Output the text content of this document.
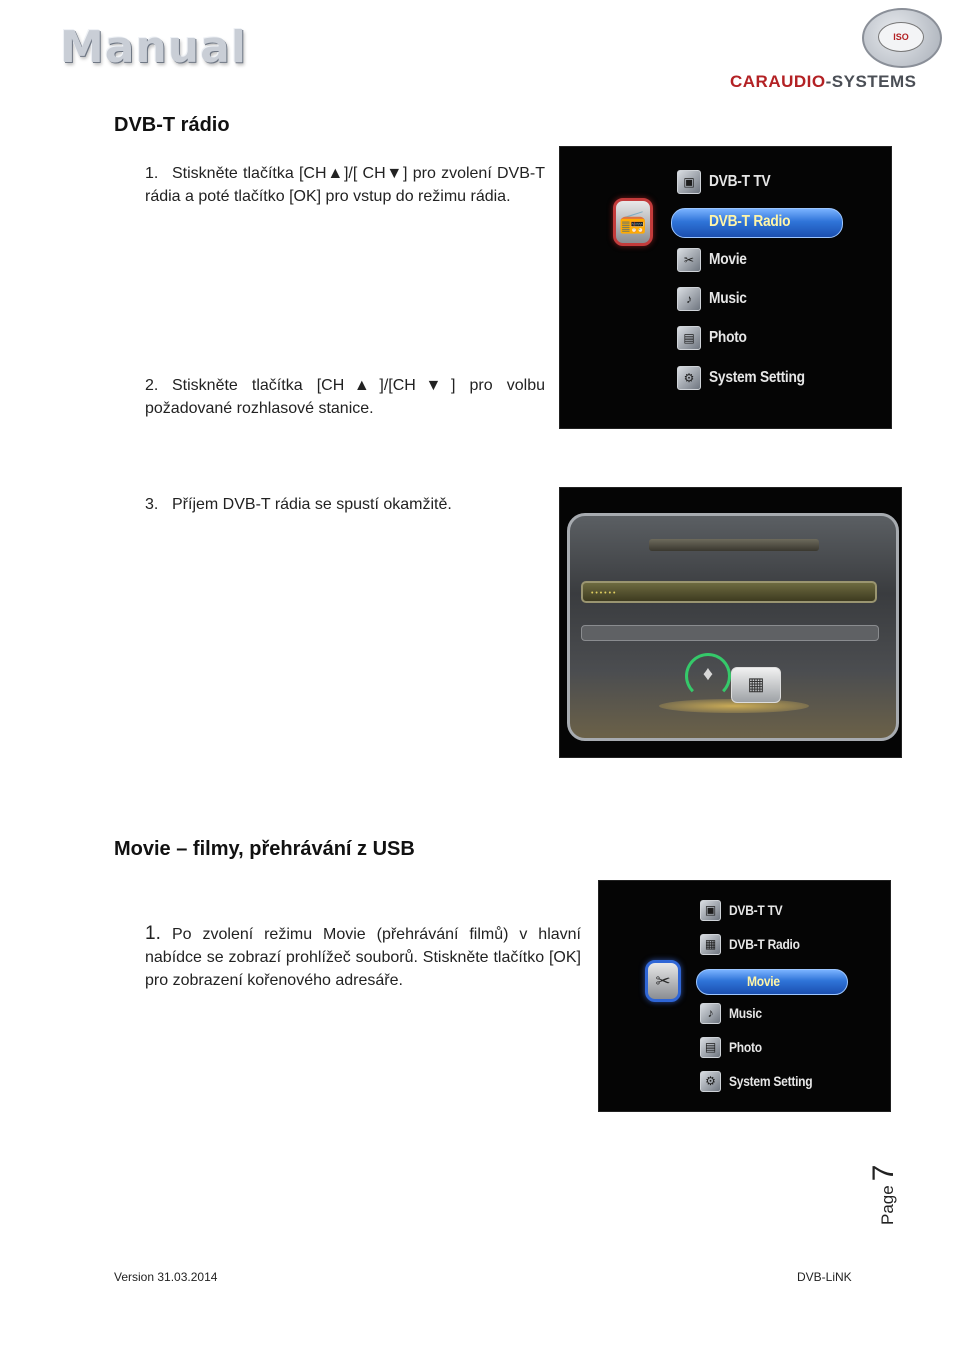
Manual	ISO
CARAUDIO-SYSTEMS
DVB-T rádio
1. Stiskněte tlačítka [CH▲]/[ CH▼] pro zvolení DVB-T rádia a poté tlačítko [OK] pro vstup do režimu rádia.
2. Stiskněte tlačítka [CH▲]/[CH▼] pro volbu požadované rozhlasové stanice.
3. Příjem DVB-T rádia se spustí okamžitě.
📻
▣ DVB-T TV
DVB-T Radio
✂ Movie
♪	Music
▤ Photo
⚙ System Setting
• • • • • •
♦	▦
Movie – filmy, přehrávání z USB
1. Po zvolení režimu Movie (přehrávání filmů) v hlavní nabídce se zobrazí prohlížeč souborů. Stiskněte tlačítko [OK] pro zobrazení kořenového adresáře.	✂
▣ DVB-T TV
▦ DVB-T Radio
Movie
♪	Music
▤ Photo
⚙ System Setting
Page
7
Version 31.03.2014	DVB-LiNK
